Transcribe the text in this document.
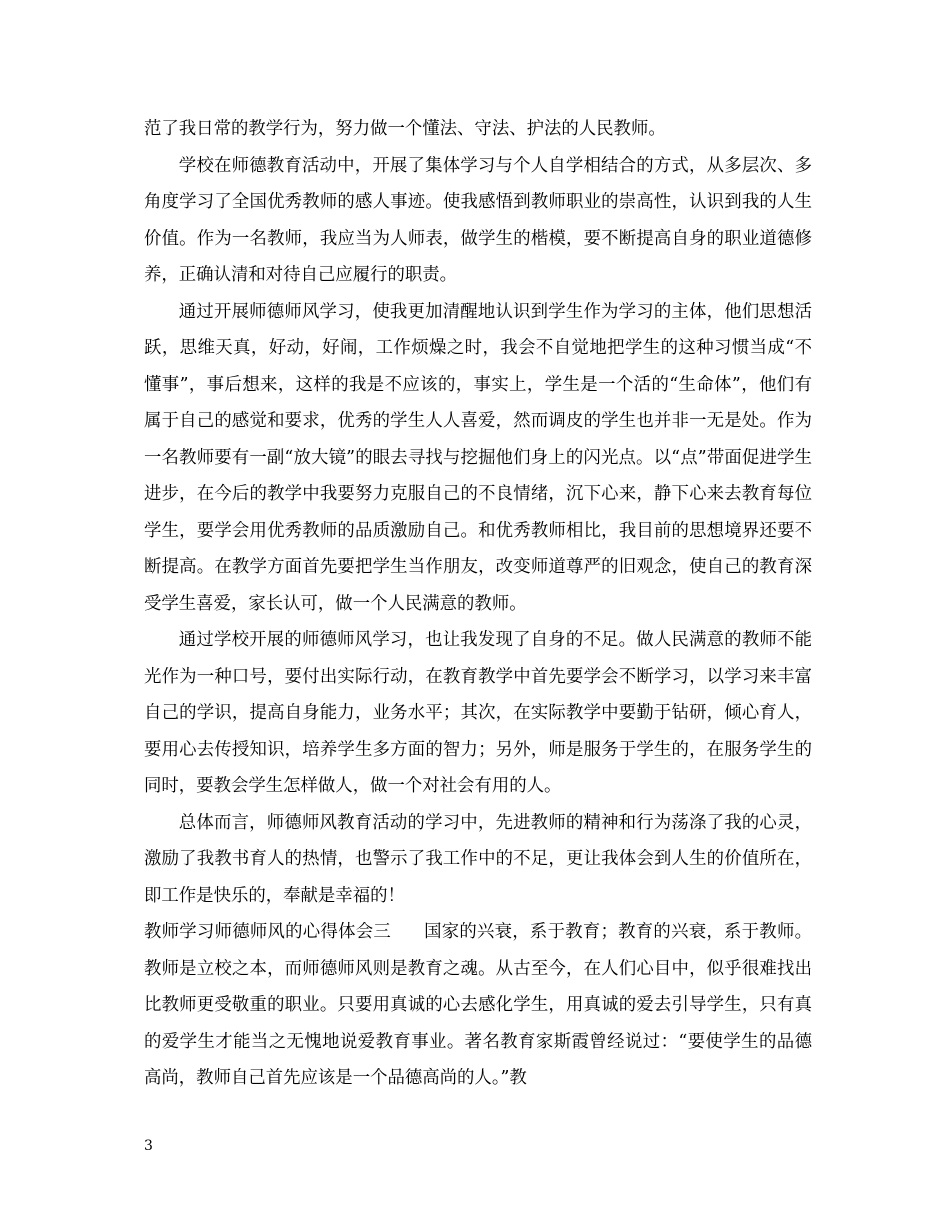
范了我日常的教学行为，努力做一个懂法、守法、护法的人民教师。

学校在师德教育活动中，开展了集体学习与个人自学相结合的方式，从多层次、多角度学习了全国优秀教师的感人事迹。使我感悟到教师职业的崇高性，认识到我的人生价值。作为一名教师，我应当为人师表，做学生的楷模，要不断提高自身的职业道德修养，正确认清和对待自己应履行的职责。

通过开展师德师风学习，使我更加清醒地认识到学生作为学习的主体，他们思想活跃，思维天真，好动，好闹，工作烦燥之时，我会不自觉地把学生的这种习惯当成“不懂事”，事后想来，这样的我是不应该的，事实上，学生是一个活的“生命体”，他们有属于自己的感觉和要求，优秀的学生人人喜爱，然而调皮的学生也并非一无是处。作为一名教师要有一副“放大镜”的眼去寻找与挖掘他们身上的闪光点。以“点”带面促进学生进步，在今后的教学中我要努力克服自己的不良情绪，沉下心来，静下心来去教育每位学生，要学会用优秀教师的品质激励自己。和优秀教师相比，我目前的思想境界还要不断提高。在教学方面首先要把学生当作朋友，改变师道尊严的旧观念，使自己的教育深受学生喜爱，家长认可，做一个人民满意的教师。

通过学校开展的师德师风学习，也让我发现了自身的不足。做人民满意的教师不能光作为一种口号，要付出实际行动，在教育教学中首先要学会不断学习，以学习来丰富自己的学识，提高自身能力，业务水平；其次，在实际教学中要勤于钻研，倾心育人，要用心去传授知识，培养学生多方面的智力；另外，师是服务于学生的，在服务学生的同时，要教会学生怎样做人，做一个对社会有用的人。

总体而言，师德师风教育活动的学习中，先进教师的精神和行为荡涤了我的心灵，激励了我教书育人的热情，也警示了我工作中的不足，更让我体会到人生的价值所在，即工作是快乐的，奉献是幸福的！

教师学习师德师风的心得体会三 国家的兴衰，系于教育；教育的兴衰，系于教师。教师是立校之本，而师德师风则是教育之魂。从古至今，在人们心目中，似乎很难找出比教师更受敬重的职业。只要用真诚的心去感化学生，用真诚的爱去引导学生，只有真的爱学生才能当之无愧地说爱教育事业。著名教育家斯霞曾经说过：“要使学生的品德高尚，教师自己首先应该是一个品德高尚的人。”教

3
